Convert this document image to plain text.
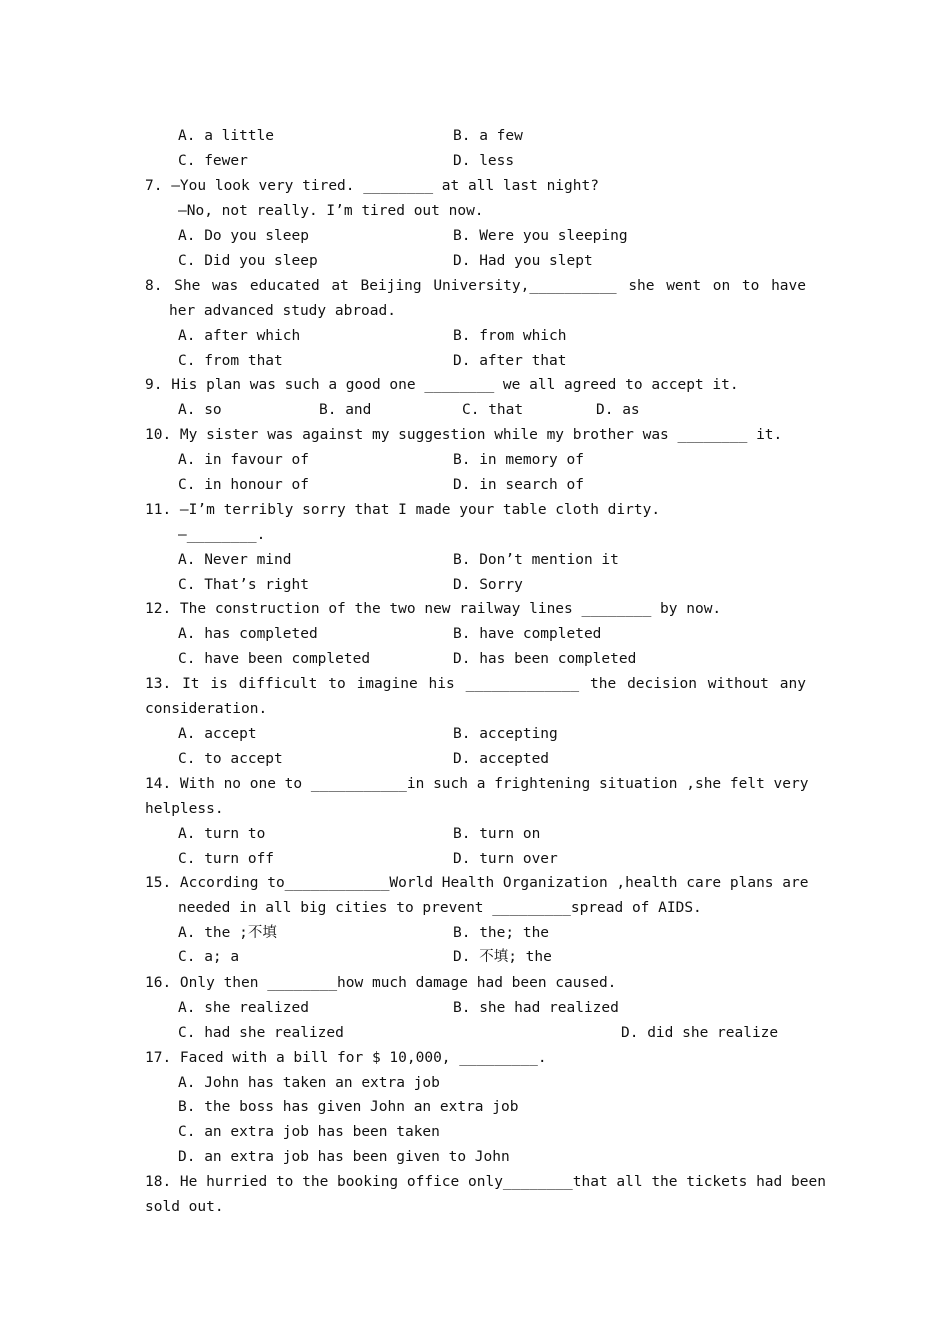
A. a little	B. a few
C. fewer	D. less
7. —You look very tired. ________ at all last night?
—No, not really. I’m tired out now.
A. Do you sleep	B. Were you sleeping
C. Did you sleep	D. Had you slept
8. She was educated at Beijing University,__________ she went on to have
her advanced study abroad.
A. after which	B. from which
C. from that	D. after that
9. His plan was such a good one ________ we all agreed to accept it.
A. so	B. and	C. that	D. as
10. My sister was against my suggestion while my brother was ________ it.
A. in favour of	B. in memory of
C. in honour of	D. in search of
11. —I’m terribly sorry that I made your table cloth dirty.
—________.
A. Never mind	B. Don’t mention it
C. That’s right	D. Sorry
12. The construction of the two new railway lines ________ by now.
A. has completed	B. have completed
C. have been completed	D. has been completed
13. It is difficult to imagine his _____________ the decision without any
consideration.
A. accept	B. accepting
C. to accept	D. accepted
14. With no one to ___________in such a frightening situation ,she felt very
helpless.
A. turn to	B. turn on
C. turn off	D. turn over
15. According to____________World Health Organization ,health care plans are
needed in all big cities to prevent _________spread of AIDS.
A. the ;不填	B. the; the
C. a; a	D. 不填; the
16. Only then ________how much damage had been caused.
A. she realized	B. she had realized
C. had she realized	D. did she realize
17. Faced with a bill for $ 10,000, _________.
A. John has taken an extra job
B. the boss has given John an extra job
C. an extra job has been taken
D. an extra job has been given to John
18. He hurried to the booking office only________that all the tickets had been
sold out.
